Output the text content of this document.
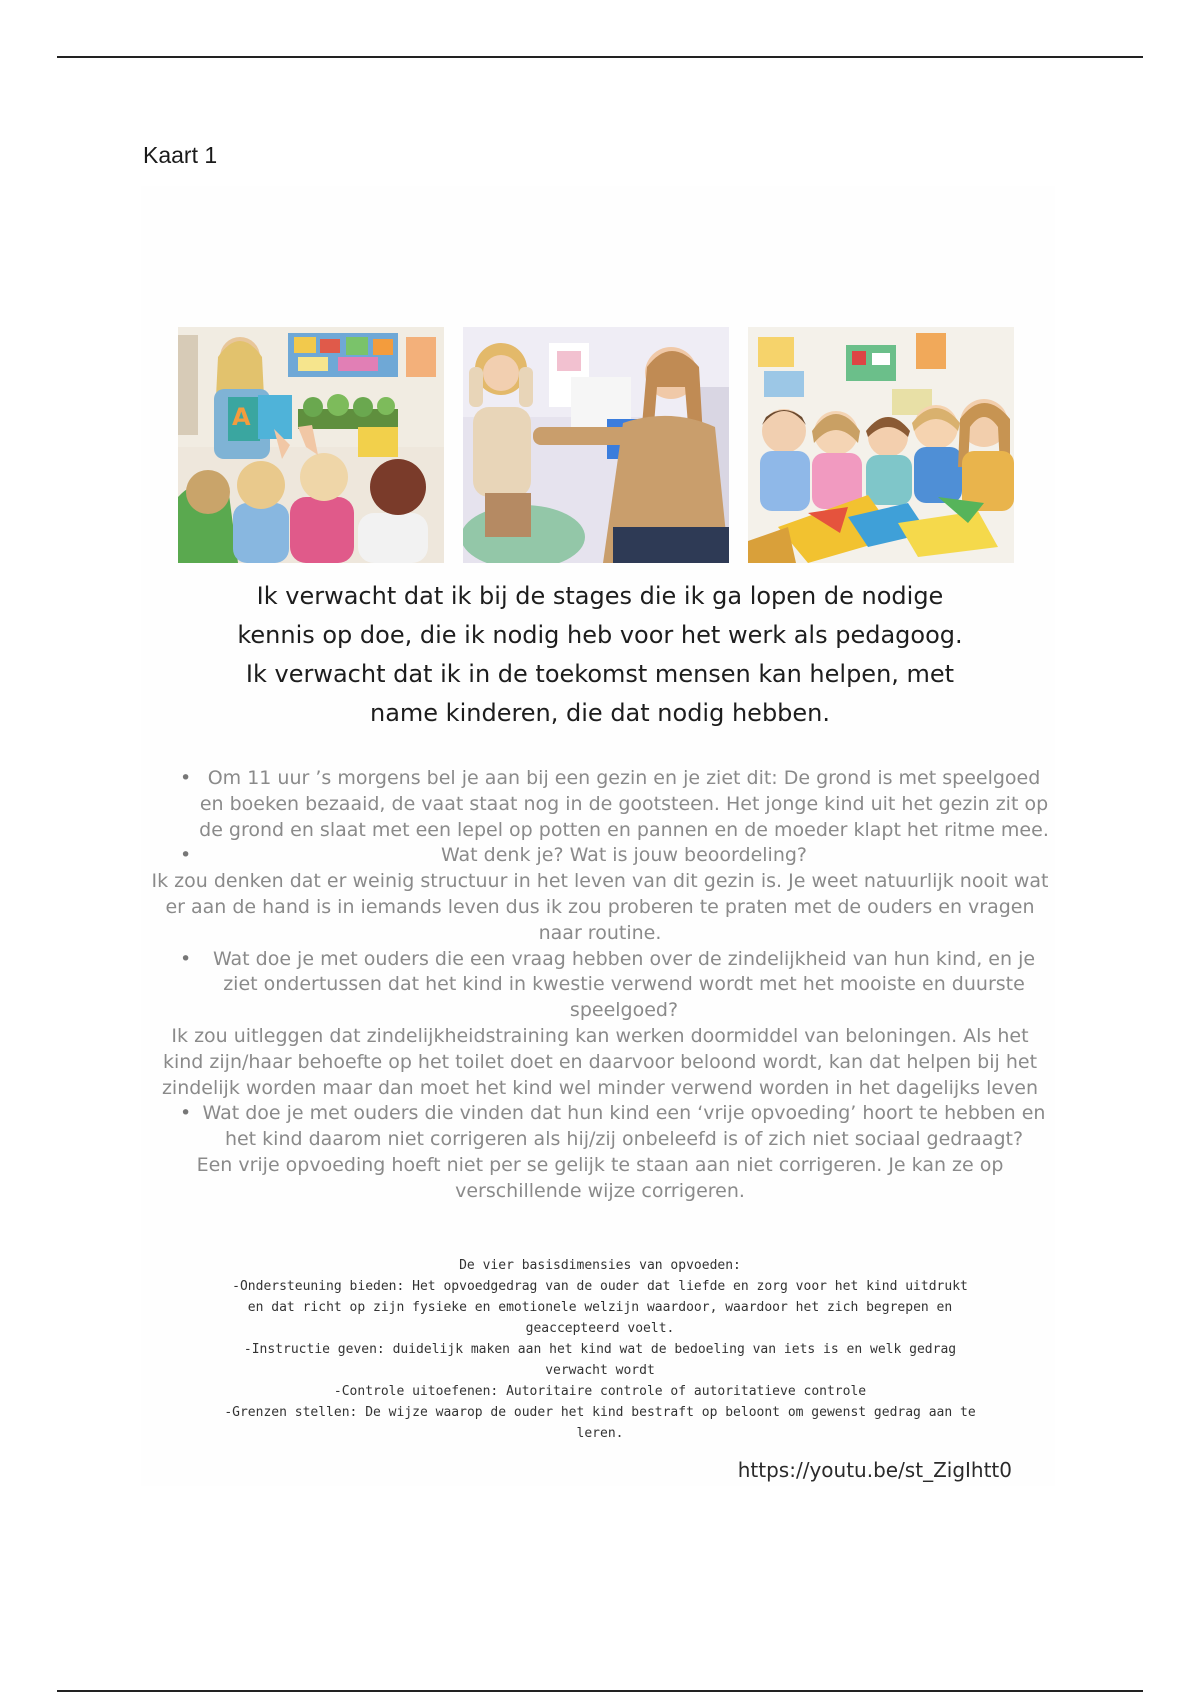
Kaart 1
A
Ik verwacht dat ik bij de stages die ik ga lopen de nodige kennis op doe, die ik nodig heb voor het werk als pedagoog. Ik verwacht dat ik in de toekomst mensen kan helpen, met name kinderen, die dat nodig hebben.
• Om 11 uur ’s morgens bel je aan bij een gezin en je ziet dit: De grond is met speelgoed en boeken bezaaid, de vaat staat nog in de gootsteen. Het jonge kind uit het gezin zit op de grond en slaat met een lepel op potten en pannen en de moeder klapt het ritme mee.
•	Wat denk je? Wat is jouw beoordeling?
Ik zou denken dat er weinig structuur in het leven van dit gezin is. Je weet natuurlijk nooit wat er aan de hand is in iemands leven dus ik zou proberen te praten met de ouders en vragen naar routine.
•	Wat doe je met ouders die een vraag hebben over de zindelijkheid van hun kind, en je ziet ondertussen dat het kind in kwestie verwend wordt met het mooiste en duurste speelgoed?
Ik zou uitleggen dat zindelijkheidstraining kan werken doormiddel van beloningen. Als het kind zijn/haar behoefte op het toilet doet en daarvoor beloond wordt, kan dat helpen bij het zindelijk worden maar dan moet het kind wel minder verwend worden in het dagelijks leven
• Wat doe je met ouders die vinden dat hun kind een ‘vrije opvoeding’ hoort te hebben en het kind daarom niet corrigeren als hij/zij onbeleefd is of zich niet sociaal gedraagt?
Een vrije opvoeding hoeft niet per se gelijk te staan aan niet corrigeren. Je kan ze op verschillende wijze corrigeren.
De vier basisdimensies van opvoeden:
-Ondersteuning bieden: Het opvoedgedrag van de ouder dat liefde en zorg voor het kind uitdrukt en dat richt op zijn fysieke en emotionele welzijn waardoor, waardoor het zich begrepen en geaccepteerd voelt.
-Instructie geven: duidelijk maken aan het kind wat de bedoeling van iets is en welk gedrag verwacht wordt
-Controle uitoefenen: Autoritaire controle of autoritatieve controle
-Grenzen stellen: De wijze waarop de ouder het kind bestraft op beloont om gewenst gedrag aan te leren.
https://youtu.be/st_ZigIhtt0
